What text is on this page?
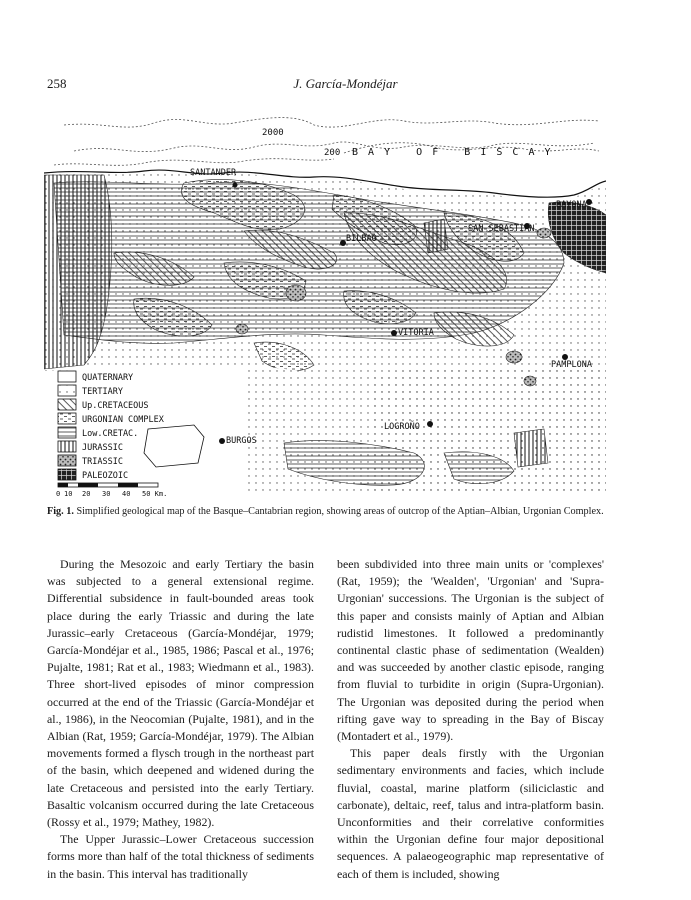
258	J. García-Mondéjar
2000
200 B A Y   O F   B I S C A Y
SANTANDER
BAYONA
SAN SEBASTIAN
BILBAO
VITORIA
PAMPLONA
LOGROÑO
BURGOS
QUATERNARY
TERTIARY
Up.CRETACEOUS
URGONIAN COMPLEX
Low.CRETAC.
JURASSIC
TRIASSIC
PALEOZOIC
0 10 20 30 40 50 Km.
Fig. 1. Simplified geological map of the Basque–Cantabrian region, showing areas of outcrop of the Aptian–Albian, Urgonian Complex.

During the Mesozoic and early Tertiary the basin was subjected to a general extensional regime. Differential subsidence in fault-bounded areas took place during the early Triassic and during the late Jurassic–early Cretaceous (García-Mondéjar, 1979; García-Mondéjar et al., 1985, 1986; Pascal et al., 1976; Pujalte, 1981; Rat et al., 1983; Wiedmann et al., 1983). Three short-lived episodes of minor compression occurred at the end of the Triassic (García-Mondéjar et al., 1986), in the Neocomian (Pujalte, 1981), and in the Albian (Rat, 1959; García-Mondéjar, 1979). The Albian movements formed a flysch trough in the northeast part of the basin, which deepened and widened during the late Cretaceous and persisted into the early Tertiary. Basaltic volcanism occurred during the late Cretaceous (Rossy et al., 1979; Mathey, 1982).

The Upper Jurassic–Lower Cretaceous succession forms more than half of the total thickness of sediments in the basin. This interval has traditionally

been subdivided into three main units or 'complexes' (Rat, 1959); the 'Wealden', 'Urgonian' and 'Supra-Urgonian' successions. The Urgonian is the subject of this paper and consists mainly of Aptian and Albian rudistid limestones. It followed a predominantly continental clastic phase of sedimentation (Wealden) and was succeeded by another clastic episode, ranging from fluvial to turbidite in origin (Supra-Urgonian). The Urgonian was deposited during the period when rifting gave way to spreading in the Bay of Biscay (Montadert et al., 1979).

This paper deals firstly with the Urgonian sedimentary environments and facies, which include fluvial, coastal, marine platform (siliciclastic and carbonate), deltaic, reef, talus and intra-platform basin. Unconformities and their correlative conformities within the Urgonian define four major depositional sequences. A palaeogeographic map representative of each of them is included, showing
